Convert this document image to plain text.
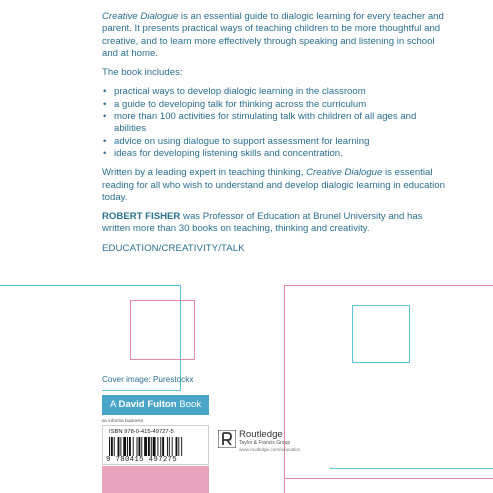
Creative Dialogue is an essential guide to dialogic learning for every teacher and parent. It presents practical ways of teaching children to be more thoughtful and creative, and to learn more effectively through speaking and listening in school and at home.

The book includes:

• practical ways to develop dialogic learning in the classroom
• a guide to developing talk for thinking across the curriculum
• more than 100 activities for stimulating talk with children of all ages and abilities
• advice on using dialogue to support assessment for learning
• ideas for developing listening skills and concentration.

Written by a leading expert in teaching thinking, Creative Dialogue is essential reading for all who wish to understand and develop dialogic learning in education today.

ROBERT FISHER was Professor of Education at Brunel University and has written more than 30 books on teaching, thinking and creativity.

EDUCATION/CREATIVITY/TALK

Cover image: Purestockx
A David Fulton Book
an informa business
ISBN 978-0-415-49727-5
9 780415 497275
Routledge
Taylor & Francis Group
www.routledge.com/education
